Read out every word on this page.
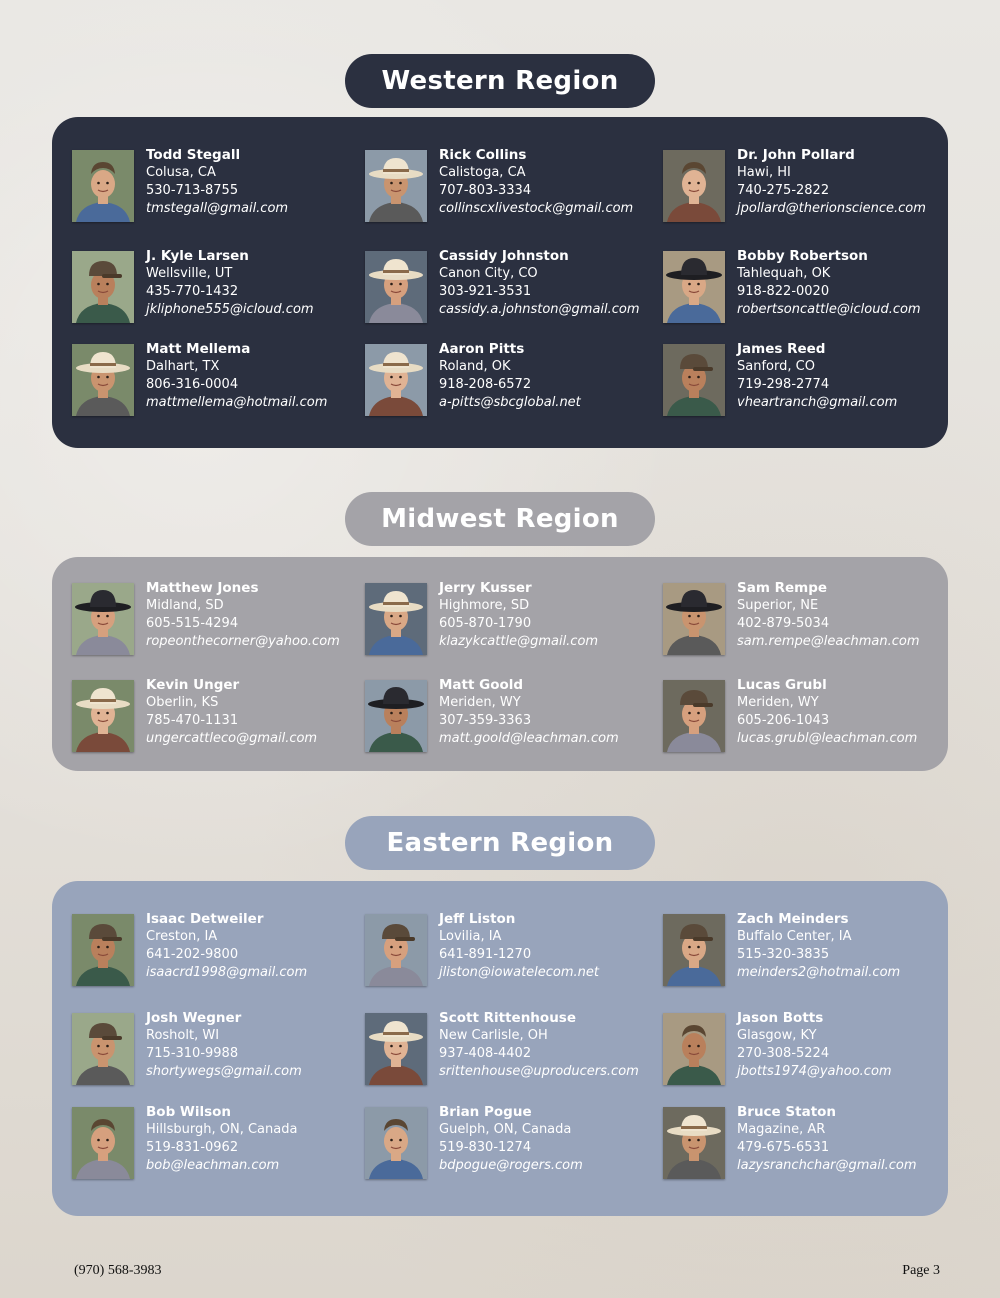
Western Region
Midwest Region
Eastern Region
Todd Stegall
Colusa, CA
530-713-8755
tmstegall@gmail.com
Rick Collins
Calistoga, CA
707-803-3334
collinscxlivestock@gmail.com
Dr. John Pollard
Hawi, HI
740-275-2822
jpollard@therionscience.com
J. Kyle Larsen
Wellsville, UT
435-770-1432
jkliphone555@icloud.com
Cassidy Johnston
Canon City, CO
303-921-3531
cassidy.a.johnston@gmail.com
Bobby Robertson
Tahlequah, OK
918-822-0020
robertsoncattle@icloud.com
Matt Mellema
Dalhart, TX
806-316-0004
mattmellema@hotmail.com
Aaron Pitts
Roland, OK
918-208-6572
a-pitts@sbcglobal.net
James Reed
Sanford, CO
719-298-2774
vheartranch@gmail.com
Matthew Jones
Midland, SD
605-515-4294
ropeonthecorner@yahoo.com
Jerry Kusser
Highmore, SD
605-870-1790
klazykcattle@gmail.com
Sam Rempe
Superior, NE
402-879-5034
sam.rempe@leachman.com
Kevin Unger
Oberlin, KS
785-470-1131
ungercattleco@gmail.com
Matt Goold
Meriden, WY
307-359-3363
matt.goold@leachman.com
Lucas Grubl
Meriden, WY
605-206-1043
lucas.grubl@leachman.com
Isaac Detweiler
Creston, IA
641-202-9800
isaacrd1998@gmail.com
Jeff Liston
Lovilia, IA
641-891-1270
jliston@iowatelecom.net
Zach Meinders
Buffalo Center, IA
515-320-3835
meinders2@hotmail.com
Josh Wegner
Rosholt, WI
715-310-9988
shortywegs@gmail.com
Scott Rittenhouse
New Carlisle, OH
937-408-4402
srittenhouse@uproducers.com
Jason Botts
Glasgow, KY
270-308-5224
jbotts1974@yahoo.com
Bob Wilson
Hillsburgh, ON, Canada
519-831-0962
bob@leachman.com
Brian Pogue
Guelph, ON, Canada
519-830-1274
bdpogue@rogers.com
Bruce Staton
Magazine, AR
479-675-6531
lazysranchchar@gmail.com
(970) 568-3983	Page 3
